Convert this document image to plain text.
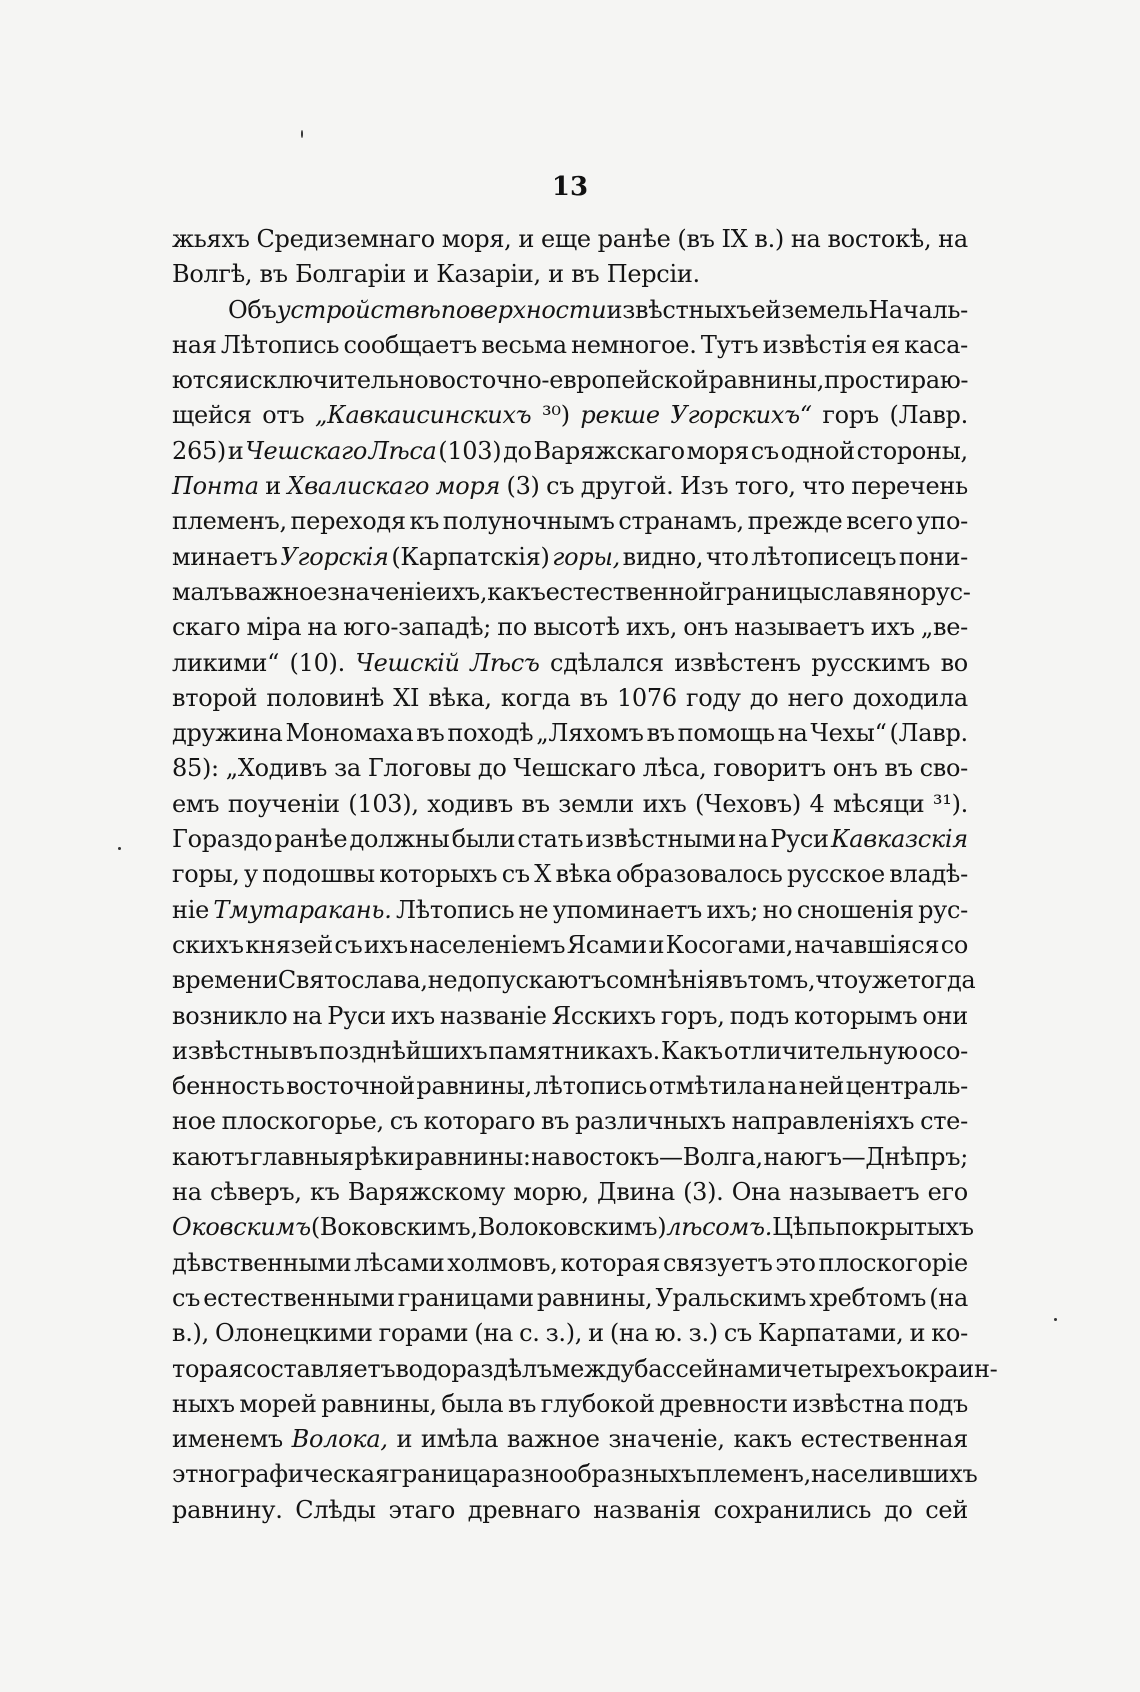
13
жьяхъ Средиземнаго моря, и еще ранѣе (въ IX в.) на востокѣ, на
Волгѣ, въ Болгаріи и Казаріи, и въ Персіи.
Объ устройствѣ поверхности извѣстныхъ ей земель Началь-
ная Лѣтопись сообщаетъ весьма немногое. Тутъ извѣстія ея каса-
ются исключительно восточно-европейской равнины, простираю-
щейся отъ „Кавкаисинскихъ ³⁰) рекше Угорскихъ“ горъ (Лавр.
265) и Чешскаго Лѣса (103) до Варяжскаго моря съ одной стороны,
Понта и Хвалискаго моря (3) съ другой. Изъ того, что перечень
племенъ, переходя къ полуночнымъ странамъ, прежде всего упо-
минаетъ Угорскія (Карпатскія) горы, видно, что лѣтописецъ пони-
малъ важное значеніе ихъ, какъ естественной границы славянорус-
скаго міра на юго-западѣ; по высотѣ ихъ, онъ называетъ ихъ „ве-
ликими“ (10). Чешскій Лѣсъ сдѣлался извѣстенъ русскимъ во
второй половинѣ XI вѣка, когда въ 1076 году до него доходила
дружина Мономаха въ походѣ „Ляхомъ въ помощь на Чехы“ (Лавр.
85): „Ходивъ за Глоговы до Чешскаго лѣса, говоритъ онъ въ сво-
емъ поученіи (103), ходивъ въ земли ихъ (Чеховъ) 4 мѣсяци ³¹).
Гораздо ранѣе должны были стать извѣстными на Руси Кавказскія
горы, у подошвы которыхъ съ X вѣка образовалось русское владѣ-
ніе Тмутаракань. Лѣтопись не упоминаетъ ихъ; но сношенія рус-
скихъ князей съ ихъ населеніемъ Ясами и Косогами, начавшіяся со
времени Святослава, не допускаютъ сомнѣнія въ томъ, что уже тогда
возникло на Руси ихъ названіе Ясскихъ горъ, подъ которымъ они
извѣстны въ позднѣйшихъ памятникахъ. Какъ отличительную осо-
бенность восточной равнины, лѣтопись отмѣтила на ней централь-
ное плоскогорье, съ котораго въ различныхъ направленіяхъ сте-
каютъ главныя рѣки равнины: на востокъ—Волга, на югъ—Днѣпръ;
на сѣверъ, къ Варяжскому морю, Двина (3). Она называетъ его
Оковскимъ (Воковскимъ, Волоковскимъ) лѣсомъ. Цѣпь покрытыхъ
дѣвственными лѣсами холмовъ, которая связуетъ это плоскогоріе
съ естественными границами равнины, Уральскимъ хребтомъ (на
в.), Олонецкими горами (на с. з.), и (на ю. з.) съ Карпатами, и ко-
торая составляетъ водораздѣлъ между бассейнами четырехъ окраин-
ныхъ морей равнины, была въ глубокой древности извѣстна подъ
именемъ Волока, и имѣла важное значеніе, какъ естественная
этнографическая граница разнообразныхъ племенъ, населившихъ
равнину. Слѣды этаго древнаго названія сохранились до сей
